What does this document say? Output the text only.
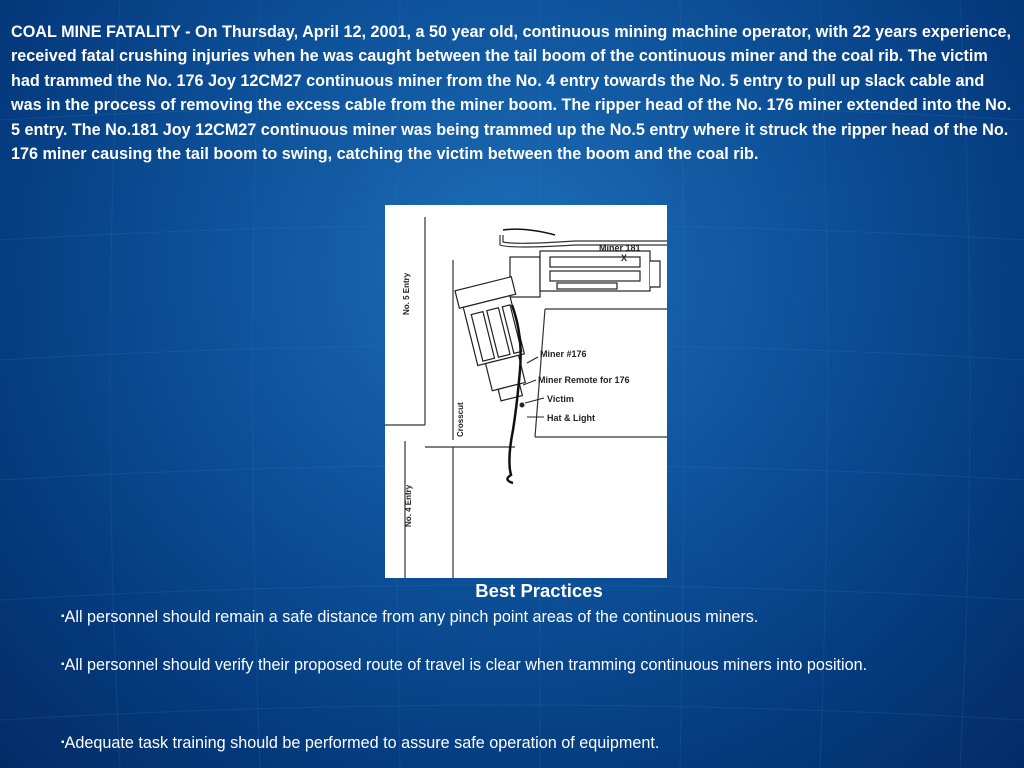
COAL MINE FATALITY - On Thursday, April 12, 2001, a 50 year old, continuous mining machine operator, with 22 years experience, received fatal crushing injuries when he was caught between the tail boom of the continuous miner and the coal rib. The victim had trammed the No. 176 Joy 12CM27 continuous miner from the No. 4 entry towards the No. 5 entry to pull up slack cable and was in the process of removing the excess cable from the miner boom. The ripper head of the No. 176 miner extended into the No. 5 entry. The No.181 Joy 12CM27 continuous miner was being trammed up the No.5 entry where it struck the ripper head of the No. 176 miner causing the tail boom to swing, catching the victim between the boom and the coal rib.

Miner 181
X
No. 5 Entry
Miner #176
Miner Remote for 176
Victim
Hat & Light
Crosscut
No. 4 Entry

Best Practices

▪All personnel should remain a safe distance from any pinch point areas of the continuous miners.

▪All personnel should verify their proposed route of travel is clear when tramming continuous miners into position.

▪Adequate task training should be performed to assure safe operation of equipment.
